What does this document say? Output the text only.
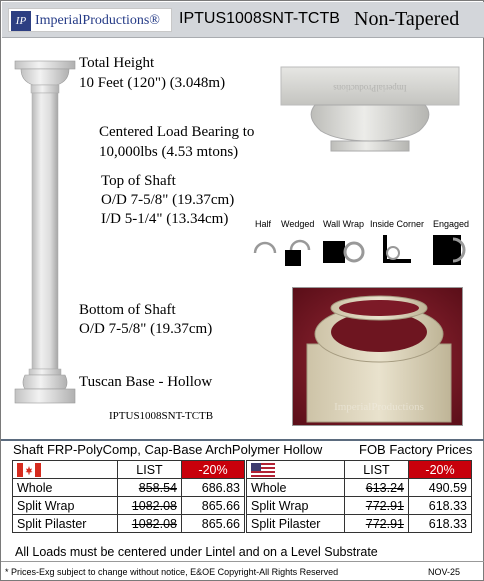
IP ImperialProductions® IPTUS1008SNT-TCTB Non-Tapered
Total Height
10 Feet (120") (3.048m)
Centered Load Bearing to
10,000lbs (4.53 mtons)
Top of Shaft
O/D 7-5/8" (19.37cm)
I/D 5-1/4" (13.34cm)
Bottom of Shaft
O/D 7-5/8" (19.37cm)
Tuscan Base - Hollow
IPTUS1008SNT-TCTB
ImperialProductions
Half Wedged Wall Wrap Inside Corner Engaged
ImperialProductions
Shaft FRP-PolyComp, Cap-Base ArchPolymer Hollow	FOB Factory Prices
	LIST	-20%
Whole	858.54	686.83
Split Wrap	1082.08	865.66
Split Pilaster	1082.08	865.66
	LIST	-20%
Whole	613.24	490.59
Split Wrap	772.91	618.33
Split Pilaster	772.91	618.33
All Loads must be centered under Lintel and on a Level Substrate
* Prices-Exg subject to change without notice, E&OE Copyright-All Rights Reserved	NOV-25
